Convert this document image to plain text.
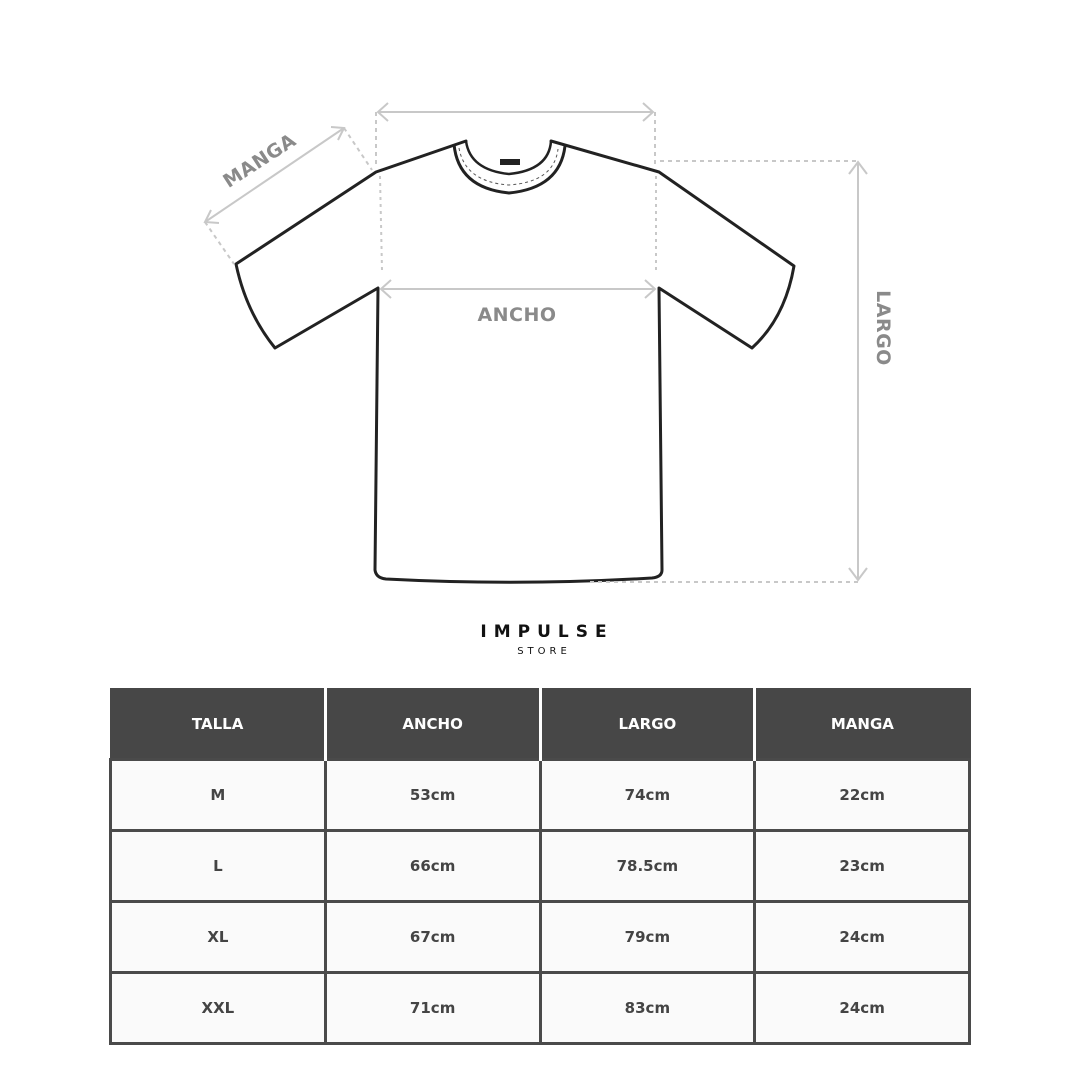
MANGA
ANCHO	LARGO
IMPULSE
STORE
TALLA	ANCHO	LARGO	MANGA
M	53cm	74cm	22cm
L	66cm	78.5cm	23cm
XL	67cm	79cm	24cm
XXL	71cm	83cm	24cm
